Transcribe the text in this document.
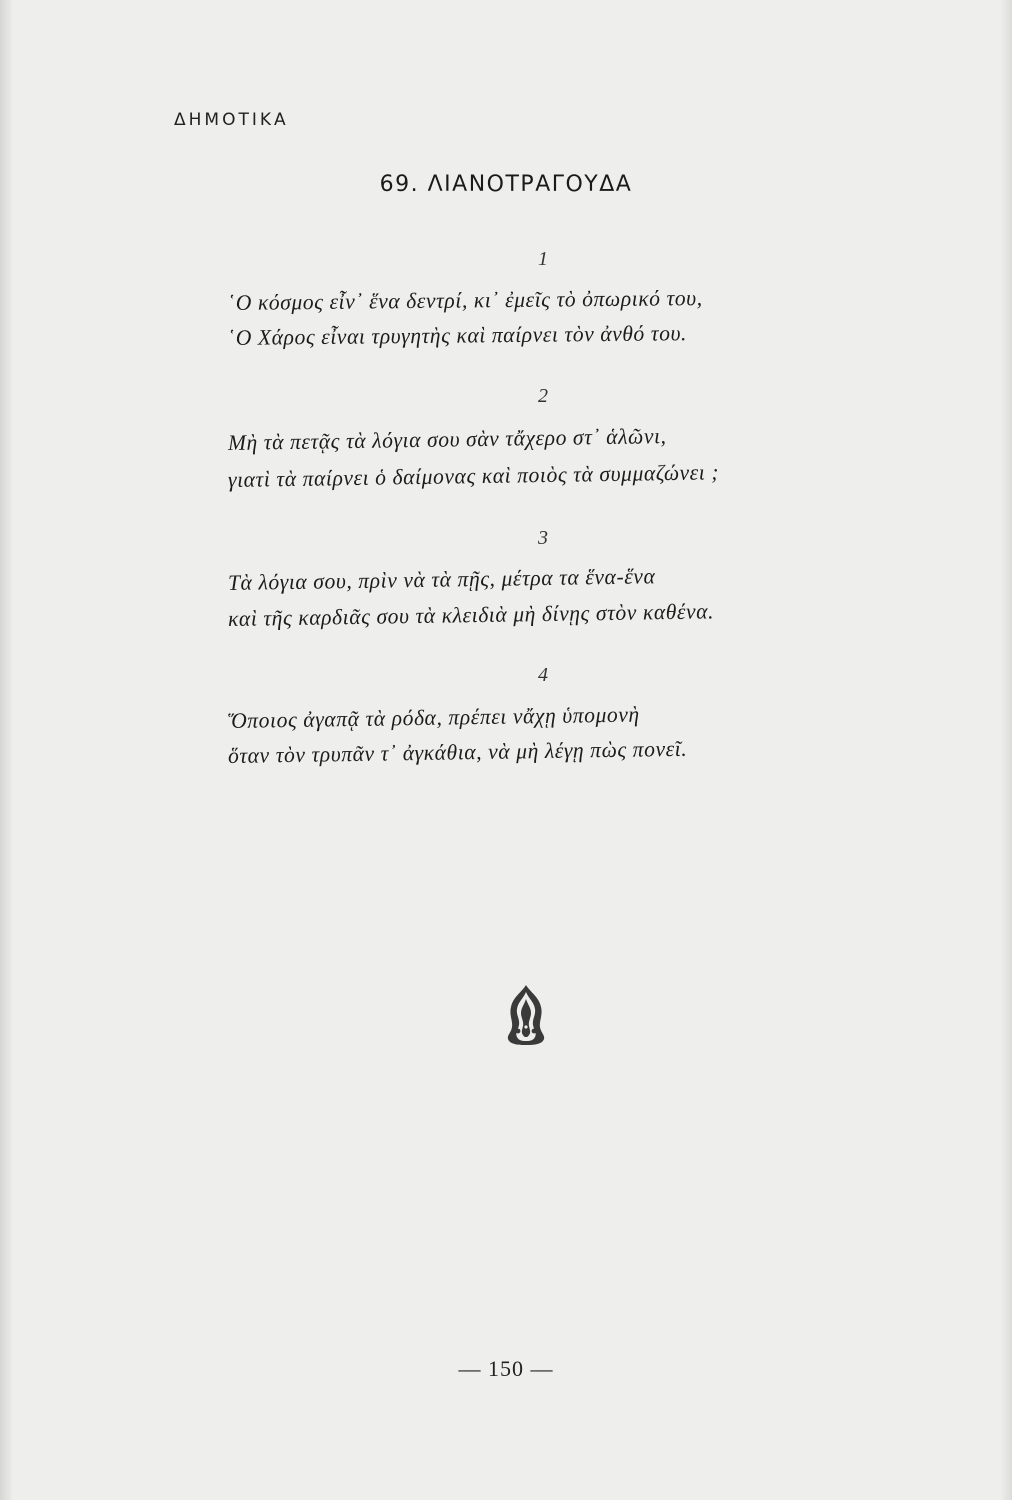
ΔΗΜΟΤΙΚΑ
69. ΛΙΑΝΟΤΡΑΓΟΥΔΑ
1
῾Ο κόσμος εἶν᾿ ἕνα δεντρί, κι᾿ ἐμεῖς τὸ ὀπωρικό του,
῾Ο Χάρος εἶναι τρυγητὴς καὶ παίρνει τὸν ἀνθό του.
2
Μὴ τὰ πετᾷς τὰ λόγια σου σὰν τἄχερο στ᾿ ἁλῶνι,
γιατὶ τὰ παίρνει ὁ δαίμονας καὶ ποιὸς τὰ συμμαζώνει ;
3
Τὰ λόγια σου, πρὶν νὰ τὰ πῇς, μέτρα τα ἕνα-ἕνα
καὶ τῆς καρδιᾶς σου τὰ κλειδιὰ μὴ δίνῃς στὸν καθένα.
4
Ὅποιος ἀγαπᾷ τὰ ρόδα, πρέπει νἄχῃ ὑπομονὴ
ὅταν τὸν τρυπᾶν τ᾿ ἀγκάθια, νὰ μὴ λέγῃ πὼς πονεῖ.
— 150 —
